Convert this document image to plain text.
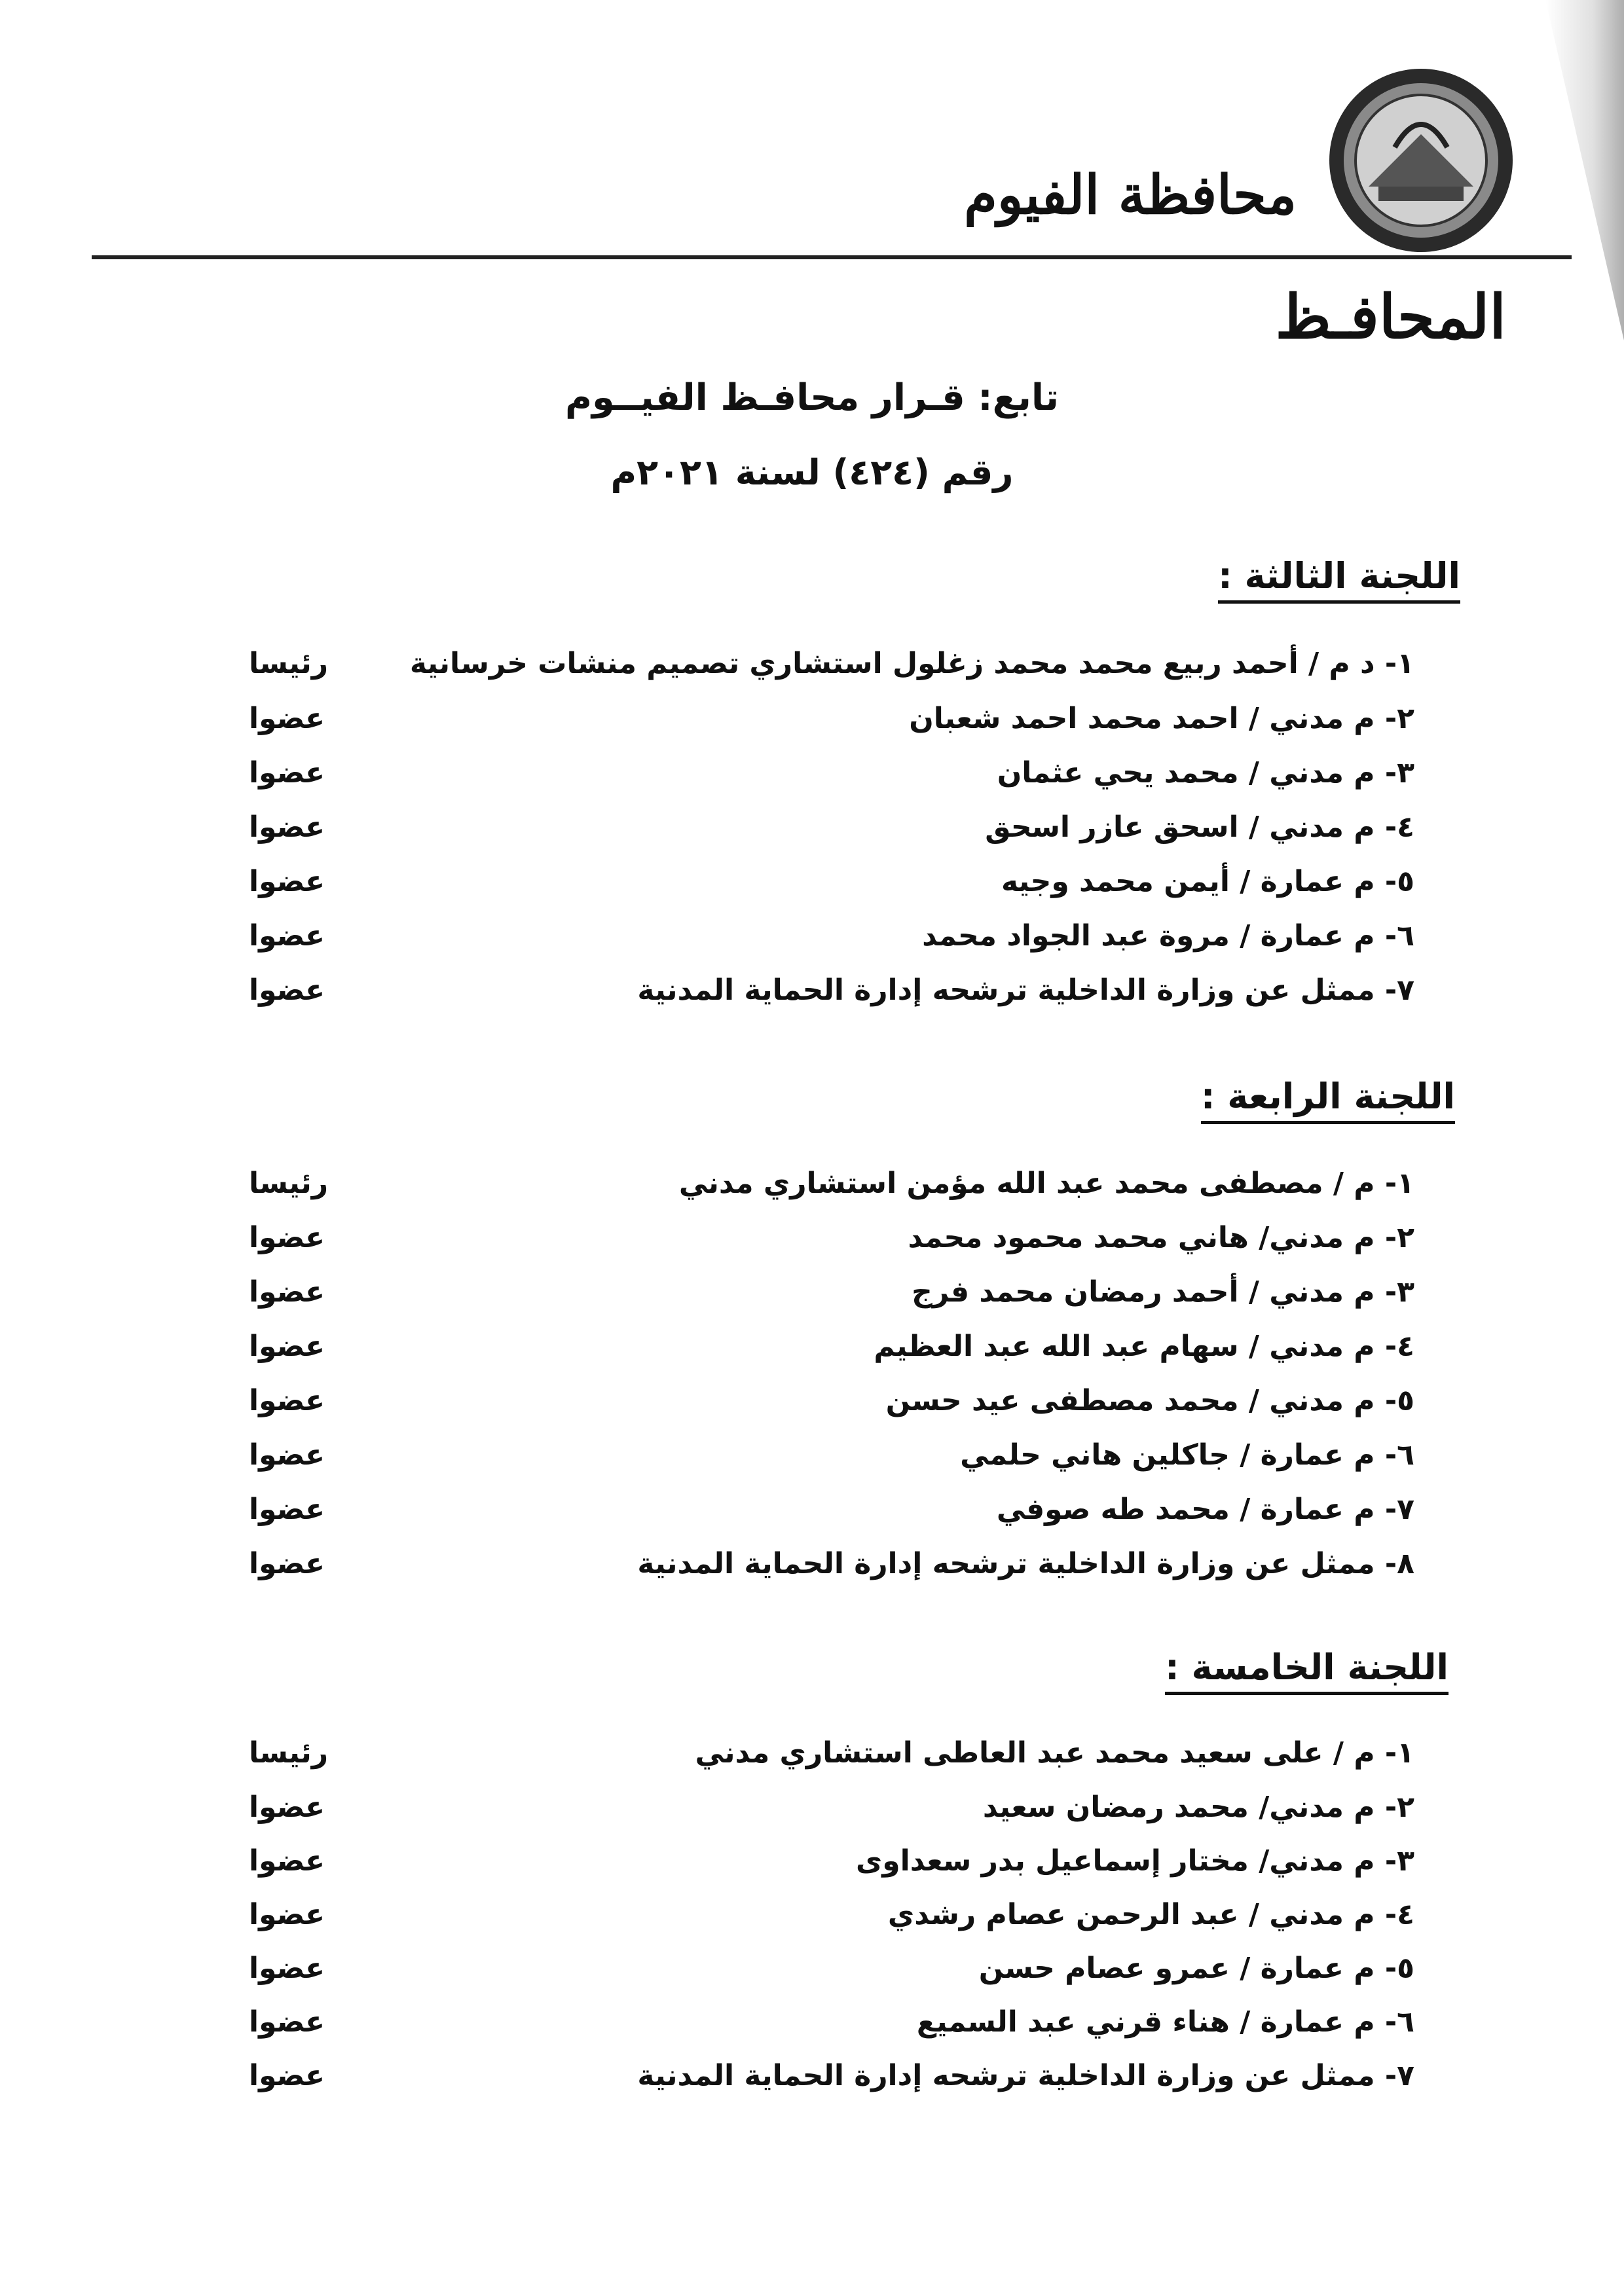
محافظة الفيوم
المحافـظ
تابع: قـرار محافـظ الفيــوم
رقم (٤٢٤) لسنة ٢٠٢١م
اللجنة الثالثة :
١- د م / أحمد ربيع محمد محمد زغلول استشاري تصميم منشات خرسانية
رئيسا
٢- م مدني / احمد محمد احمد شعبان
عضوا
٣- م مدني / محمد يحي عثمان
عضوا
٤- م مدني / اسحق عازر اسحق
عضوا
٥- م عمارة / أيمن محمد وجيه
عضوا
٦- م عمارة / مروة عبد الجواد محمد
عضوا
٧- ممثل عن وزارة الداخلية ترشحه إدارة الحماية المدنية
عضوا
اللجنة الرابعة :
١- م / مصطفى محمد عبد الله مؤمن استشاري مدني
رئيسا
٢- م مدني/ هاني محمد محمود محمد
عضوا
٣- م مدني / أحمد رمضان محمد فرج
عضوا
٤- م مدني / سهام عبد الله عبد العظيم
عضوا
٥- م مدني / محمد مصطفى عيد حسن
عضوا
٦- م عمارة / جاكلين هاني حلمي
عضوا
٧- م عمارة / محمد طه صوفي
عضوا
٨- ممثل عن وزارة الداخلية ترشحه إدارة الحماية المدنية
عضوا
اللجنة الخامسة :
١- م / على سعيد محمد عبد العاطى استشاري مدني
رئيسا
٢- م مدني/ محمد رمضان سعيد
عضوا
٣- م مدني/ مختار إسماعيل بدر سعداوى
عضوا
٤- م مدني / عبد الرحمن عصام رشدي
عضوا
٥- م عمارة / عمرو عصام حسن
عضوا
٦- م عمارة / هناء قرني عبد السميع
عضوا
٧- ممثل عن وزارة الداخلية ترشحه إدارة الحماية المدنية
عضوا
